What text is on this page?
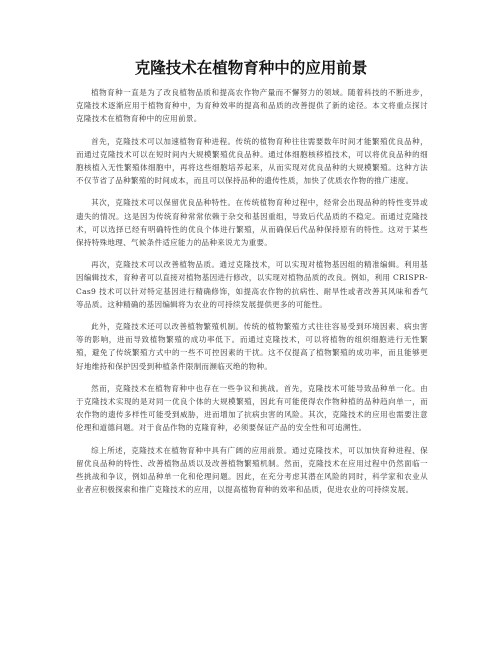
克隆技术在植物育种中的应用前景

植物育种一直是为了改良植物品质和提高农作物产量而不懈努力的领域。随着科技的不断进步，克隆技术逐渐应用于植物育种中，为育种效率的提高和品质的改善提供了新的途径。本文将重点探讨克隆技术在植物育种中的应用前景。

首先，克隆技术可以加速植物育种进程。传统的植物育种往往需要数年时间才能繁殖优良品种，而通过克隆技术可以在短时间内大规模繁殖优良品种。通过体细胞核移植技术，可以将优良品种的细胞核植入无性繁殖体细胞中，再将这些细胞培养起来，从而实现对优良品种的大规模繁殖。这种方法不仅节省了品种繁殖的时间成本，而且可以保持品种的遗传性质，加快了优质农作物的推广速度。

其次，克隆技术可以保留优良品种特性。在传统植物育种过程中，经常会出现品种的特性变异或遗失的情况。这是因为传统育种常常依赖于杂交和基因重组，导致后代品质的不稳定。而通过克隆技术，可以选择已经有明确特性的优良个体进行繁殖，从而确保后代品种保持原有的特性。这对于某些保持特殊地理、气候条件适应能力的品种来说尤为重要。

再次，克隆技术可以改善植物品质。通过克隆技术，可以实现对植物基因组的精准编辑。利用基因编辑技术，育种者可以直接对植物基因进行修改，以实现对植物品质的改良。例如，利用 CRISPR-Cas9 技术可以针对特定基因进行精确修饰，如提高农作物的抗病性、耐旱性或者改善其风味和香气等品质。这种精确的基因编辑将为农业的可持续发展提供更多的可能性。

此外，克隆技术还可以改善植物繁殖机制。传统的植物繁殖方式往往容易受到环境因素、病虫害等的影响，进而导致植物繁殖的成功率低下。而通过克隆技术，可以将植物的组织细胞进行无性繁殖，避免了传统繁殖方式中的一些不可控因素的干扰。这不仅提高了植物繁殖的成功率，而且能够更好地维持和保护因受到种植条件限制而濒临灭绝的物种。

然而，克隆技术在植物育种中也存在一些争议和挑战。首先，克隆技术可能导致品种单一化。由于克隆技术实现的是对同一优良个体的大规模繁殖，因此有可能使得农作物种植的品种趋向单一，而农作物的遗传多样性可能受到威胁，进而增加了抗病虫害的风险。其次，克隆技术的应用也需要注意伦理和道德问题。对于食品作物的克隆育种，必须要保证产品的安全性和可追溯性。

综上所述，克隆技术在植物育种中具有广阔的应用前景。通过克隆技术，可以加快育种进程、保留优良品种的特性、改善植物品质以及改善植物繁殖机制。然而，克隆技术在应用过程中仍然面临一些挑战和争议，例如品种单一化和伦理问题。因此，在充分考虑其潜在风险的同时，科学家和农业从业者应积极探索和推广克隆技术的应用，以提高植物育种的效率和品质，促进农业的可持续发展。
